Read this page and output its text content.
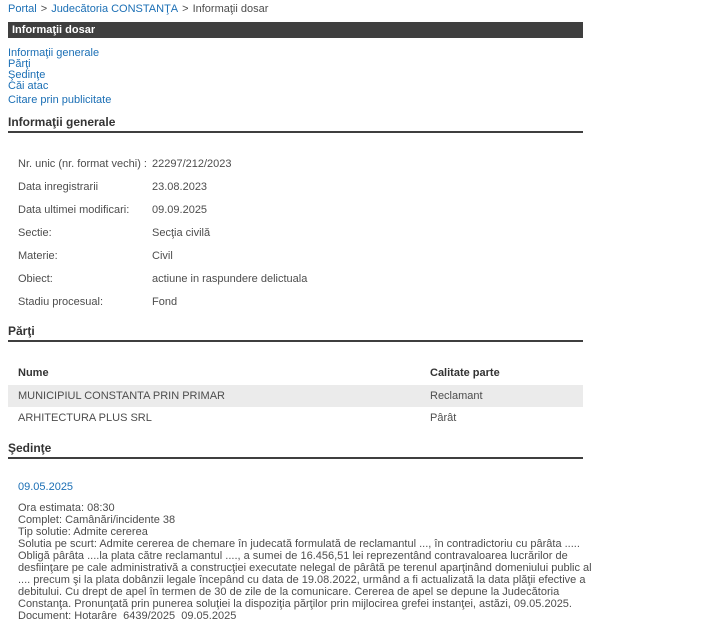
Portal > Judecătoria CONSTANŢA > Informaţii dosar
Informaţii dosar
Informaţii generale
Părţi
Şedinţe
Căi atac
Citare prin publicitate
Informaţii generale
Nr. unic (nr. format vechi) : 22297/212/2023
Data inregistrarii	23.08.2023
Data ultimei modificari:	09.09.2025
Sectie:	Secţia civilă
Materie:	Civil
Obiect:	actiune in raspundere delictuala
Stadiu procesual:	Fond
Părţi
Nume	Calitate parte
MUNICIPIUL CONSTANTA PRIN PRIMAR	Reclamant
ARHITECTURA PLUS SRL	Pârât
Şedinţe
09.05.2025
Ora estimata: 08:30
Complet: Camânări/incidente 38
Tip solutie: Admite cererea
Solutia pe scurt: Admite cererea de chemare în judecată formulată de reclamantul ..., în contradictoriu cu pârâta ..... Obligă pârâta ....la plata către reclamantul ...., a sumei de 16.456,51 lei reprezentând contravaloarea lucrărilor de desfiinţare pe cale administrativă a construcţiei executate nelegal de pârâtă pe terenul aparţinând domeniului public al .... precum şi la plata dobânzii legale începând cu data de 19.08.2022, urmând a fi actualizată la data plăţii efective a debitului. Cu drept de apel în termen de 30 de zile de la comunicare. Cererea de apel se depune la Judecătoria Constanţa. Pronunţată prin punerea soluţiei la dispoziţia părţilor prin mijlocirea grefei instanţei, astăzi, 09.05.2025.
Document: Hotarâre  6439/2025  09.05.2025
